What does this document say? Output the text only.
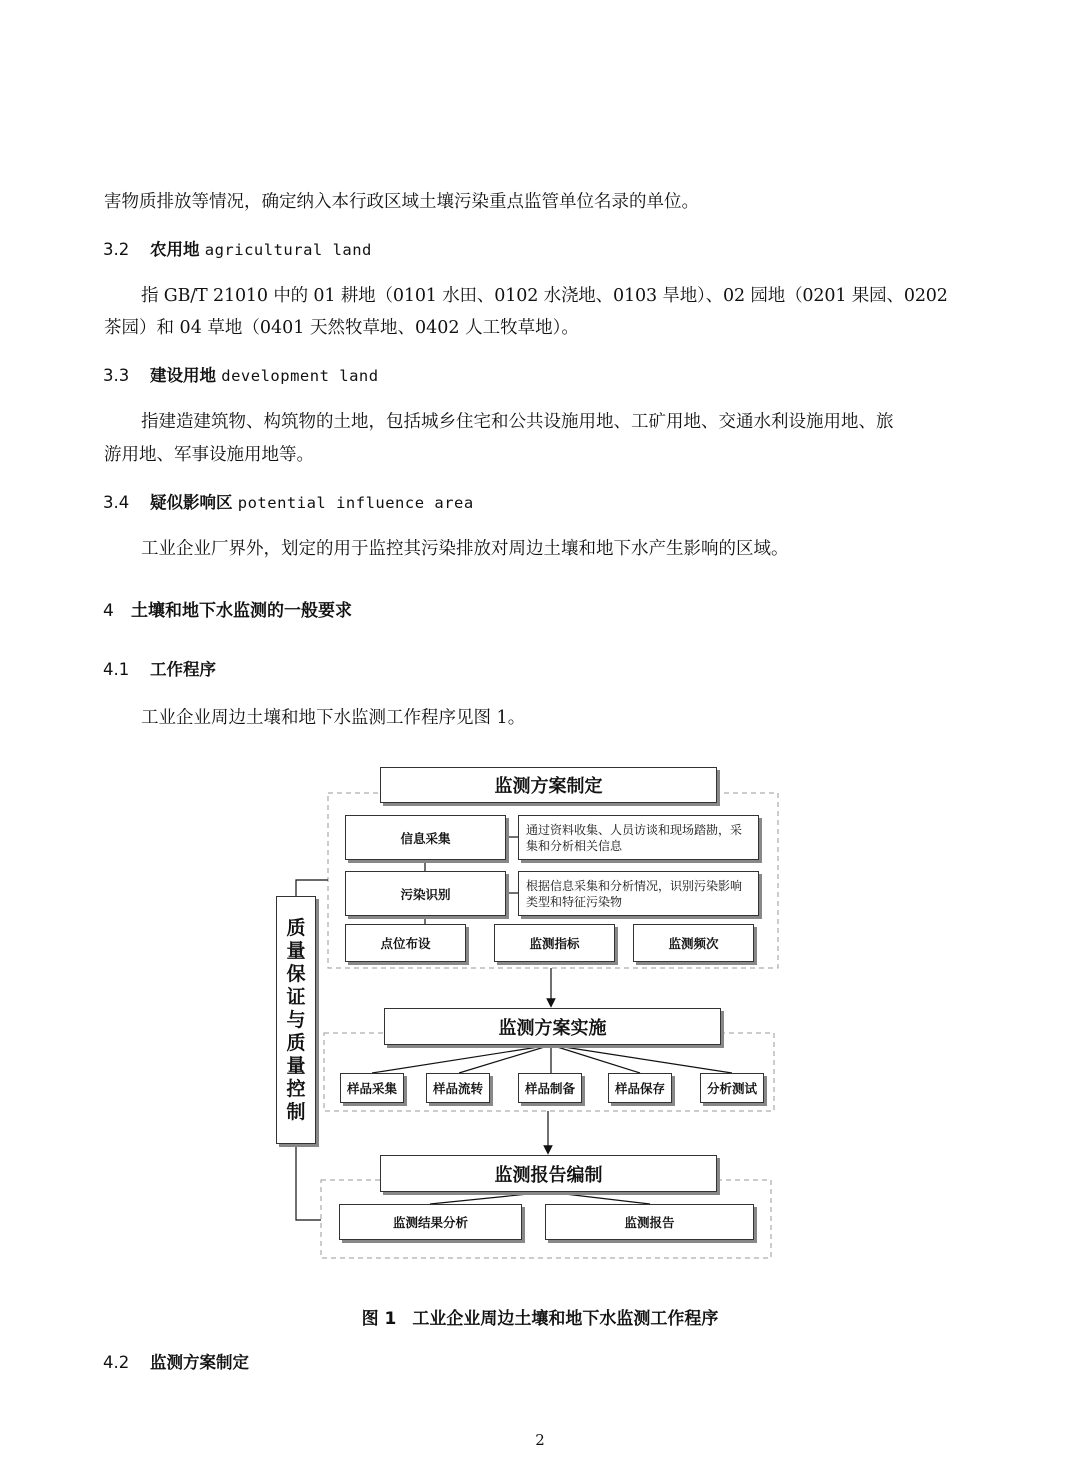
害物质排放等情况，确定纳入本行政区域土壤污染重点监管单位名录的单位。

3.2 农用地 agricultural land

指 GB/T 21010 中的 01 耕地（0101 水田、0102 水浇地、0103 旱地）、02 园地（0201 果园、0202

茶园）和 04 草地（0401 天然牧草地、0402 人工牧草地）。

3.3 建设用地 development land

指建造建筑物、构筑物的土地，包括城乡住宅和公共设施用地、工矿用地、交通水利设施用地、旅

游用地、军事设施用地等。

3.4 疑似影响区 potential influence area

工业企业厂界外，划定的用于监控其污染排放对周边土壤和地下水产生影响的区域。

4 土壤和地下水监测的一般要求

4.1 工作程序

工业企业周边土壤和地下水监测工作程序见图 1。

监测方案制定
信息采集
通过资料收集、人员访谈和现场踏勘，采集和分析相关信息
污染识别
根据信息采集和分析情况，识别污染影响类型和特征污染物
点位布设	监测指标	监测频次
监测方案实施
样品采集	样品流转	样品制备	样品保存	分析测试
监测报告编制
监测结果分析	监测报告
质
量
保
证
与
质
量
控
制

图 1 工业企业周边土壤和地下水监测工作程序

4.2 监测方案制定

2
